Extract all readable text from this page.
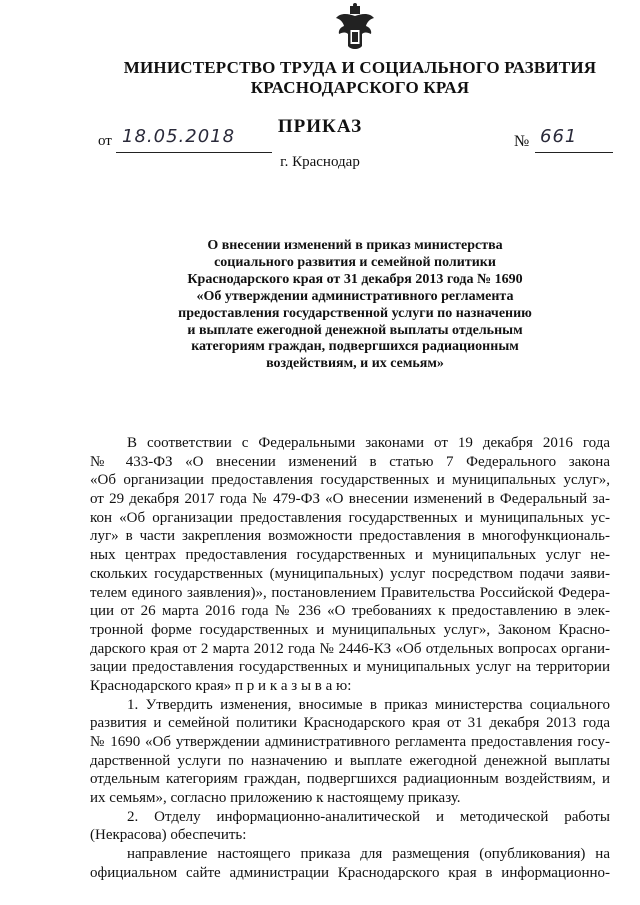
МИНИСТЕРСТВО ТРУДА И СОЦИАЛЬНОГО РАЗВИТИЯ
КРАСНОДАРСКОГО КРАЯ
ПРИКАЗ
от 18.05.2018	№ 661
г. Краснодар
О внесении изменений в приказ министерства
социального развития и семейной политики
Краснодарского края от 31 декабря 2013 года № 1690
«Об утверждении административного регламента
предоставления государственной услуги по назначению
и выплате ежегодной денежной выплаты отдельным
категориям граждан, подвергшихся радиационным
воздействиям, и их семьям»
В соответствии с Федеральными законами от 19 декабря 2016 года
№ 433-ФЗ «О внесении изменений в статью 7 Федерального закона
«Об организации предоставления государственных и муниципальных услуг»,
от 29 декабря 2017 года № 479-ФЗ «О внесении изменений в Федеральный за-
кон «Об организации предоставления государственных и муниципальных ус-
луг» в части закрепления возможности предоставления в многофункциональ-
ных центрах предоставления государственных и муниципальных услуг не-
скольких государственных (муниципальных) услуг посредством подачи заяви-
телем единого заявления)», постановлением Правительства Российской Федера-
ции от 26 марта 2016 года № 236 «О требованиях к предоставлению в элек-
тронной форме государственных и муниципальных услуг», Законом Красно-
дарского края от 2 марта 2012 года № 2446-КЗ «Об отдельных вопросах органи-
зации предоставления государственных и муниципальных услуг на территории
Краснодарского края» п р и к а з ы в а ю:
1. Утвердить изменения, вносимые в приказ министерства социального
развития и семейной политики Краснодарского края от 31 декабря 2013 года
№ 1690 «Об утверждении административного регламента предоставления госу-
дарственной услуги по назначению и выплате ежегодной денежной выплаты
отдельным категориям граждан, подвергшихся радиационным воздействиям, и
их семьям», согласно приложению к настоящему приказу.
2. Отделу информационно-аналитической и методической работы
(Некрасова) обеспечить:
направление настоящего приказа для размещения (опубликования) на
официальном сайте администрации Краснодарского края в информационно-
